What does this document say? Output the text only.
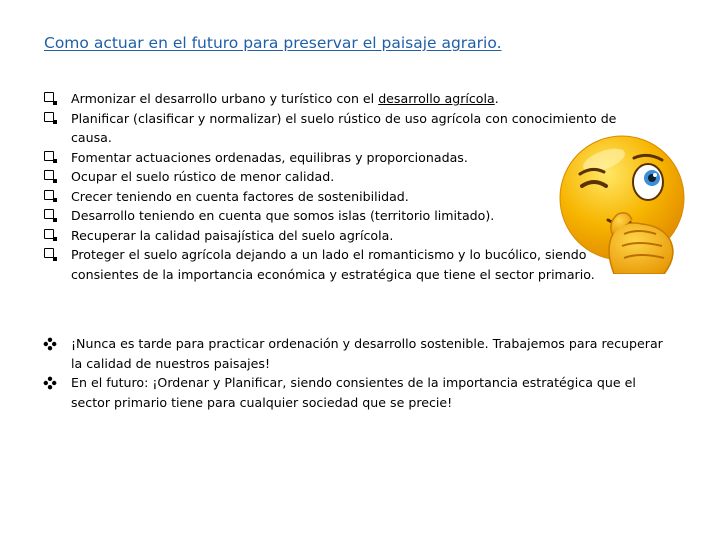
Como actuar en el futuro para preservar el paisaje agrario.
Armonizar el desarrollo urbano y turístico con el desarrollo agrícola.
Planificar (clasificar y normalizar) el suelo rústico de uso agrícola con conocimiento de causa.
Fomentar actuaciones ordenadas, equilibras y proporcionadas.
Ocupar el suelo rústico de menor calidad.
Crecer teniendo en cuenta factores de sostenibilidad.
Desarrollo teniendo en cuenta que somos islas (territorio limitado).
Recuperar la calidad paisajística del suelo agrícola.
Proteger el suelo agrícola dejando a un lado el romanticismo y lo bucólico, siendo consientes de la importancia económica y estratégica que tiene el sector primario.
¡Nunca es tarde para practicar ordenación y desarrollo sostenible. Trabajemos para recuperar la calidad de nuestros paisajes!
En el futuro: ¡Ordenar y Planificar, siendo consientes de la importancia estratégica que el sector primario tiene para cualquier sociedad que se precie!
